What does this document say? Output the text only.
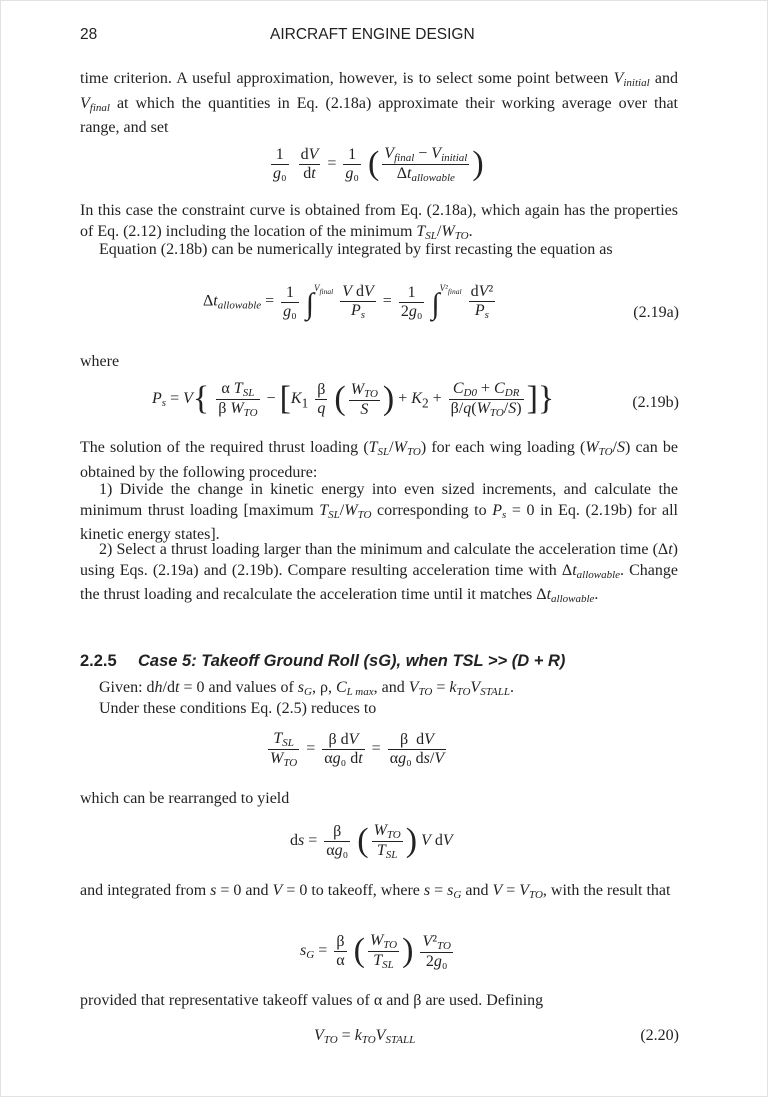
28	AIRCRAFT ENGINE DESIGN

time criterion. A useful approximation, however, is to select some point between $V_{initial}$ and $V_{final}$ at which the quantities in Eq. (2.18a) approximate their working average over that range, and set

$\frac{1}{\text{g₀}}$
$\frac{dV}{dt} = \frac{1}{\text{g₀}}$ ( $\frac{V_{final} - V_{initial}}{\Delta t_{allowable}}$ )

In this case the constraint curve is obtained from Eq. (2.18a), which again has the properties of Eq. (2.12) including the location of the minimum $T_{SL}/W_{TO}$.

Equation (2.18b) can be numerically integrated by first recasting the equation as

$\Delta t_{allowable} = \frac{1}{\text{g₀}} \int^{V_{final}} \frac{\text{V dV}}{P_s} = \frac{1}{\text{2g₀}} \int^{V^2_{final}} \frac{\text{dV²}}{P_s}$	(2.19a)

where

$P_s = V\{ \frac{\alpha T_{SL}}{\beta W_{TO}} - [K_1 \frac{\beta}{q}$ ( $\frac{W_{TO}}{S}$ ) + $K_2 + \frac{C_{D0} + C_{DR}}{\beta/q(W_{TO}/S)}$ ]}	(2.19b)

The solution of the required thrust loading $(T_{SL}/W_{TO})$ for each wing loading $(W_{TO}/S)$ can be obtained by the following procedure:

1) Divide the change in kinetic energy into even sized increments, and calculate the minimum thrust loading [maximum $T_{SL}/W_{TO}$ corresponding to $P_s = 0$ in Eq. (2.19b) for all kinetic energy states].

2) Select a thrust loading larger than the minimum and calculate the acceleration time (Δt) using Eqs. (2.19a) and (2.19b). Compare resulting acceleration time with $\Delta t_{allowable}$. Change the thrust loading and recalculate the acceleration time until it matches $\Delta t_{allowable}$.

2.2.5 Case 5: Takeoff Ground Roll (sG), when TSL >> (D + R)

Given: dh/dt = 0 and values of $s_G$, ρ, $C_{L max}$, and $V_{TO} = k_{TO}V_{STALL}$.

Under these conditions Eq. (2.5) reduces to

$\frac{T_{SL}}{W_{TO}} = \frac{\text{β dV}}{\text{αg₀ dt}} = \frac{\text{β  dV}}{\text{αg₀ ds/V}}$

which can be rearranged to yield

ds = $\frac{\beta}{\text{αg₀}}$ ( $\frac{W_{TO}}{T_{SL}}$ ) V dV

and integrated from s = 0 and V = 0 to takeoff, where $s = s_G$ and $V = V_{TO}$, with the result that

$s_G = \frac{\beta}{\alpha}$ ( $\frac{W_{TO}}{T_{SL}}$ ) $\frac{V^2_{TO}}{\text{2g₀}}$

provided that representative takeoff values of α and β are used. Defining

$V_{TO} = k_{TO}V_{STALL}$	(2.20)
